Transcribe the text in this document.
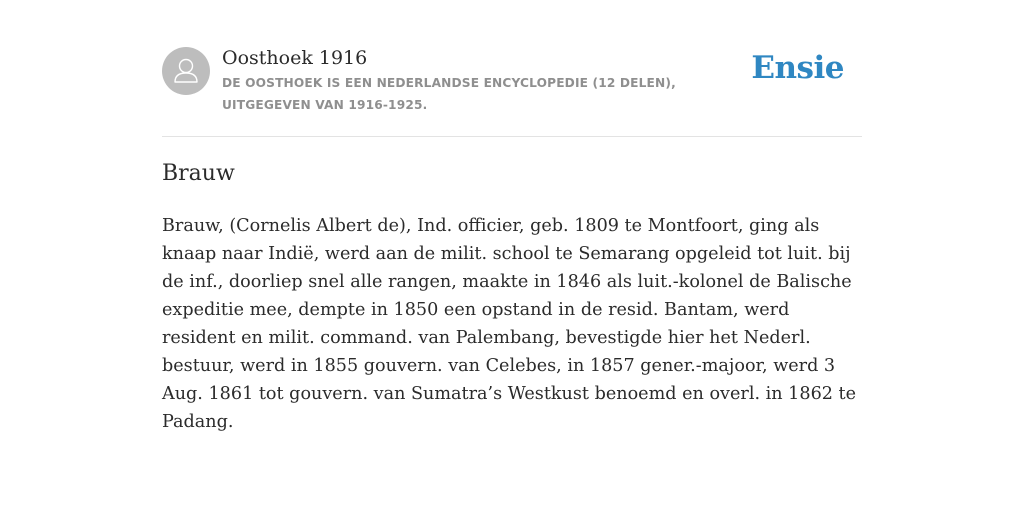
Oosthoek 1916

DE OOSTHOEK IS EEN NEDERLANDSE ENCYCLOPEDIE (12 DELEN), UITGEGEVEN VAN 1916-1925.

Ensie
Brauw

Brauw, (Cornelis Albert de), Ind. officier, geb. 1809 te Montfoort, ging als knaap naar Indië, werd aan de milit. school te Semarang opgeleid tot luit. bij de inf., doorliep snel alle rangen, maakte in 1846 als luit.-kolonel de Balische expeditie mee, dempte in 1850 een opstand in de resid. Bantam, werd resident en milit. command. van Palembang, bevestigde hier het Nederl. bestuur, werd in 1855 gouvern. van Celebes, in 1857 gener.-majoor, werd 3 Aug. 1861 tot gouvern. van Sumatra’s Westkust benoemd en overl. in 1862 te Padang.
